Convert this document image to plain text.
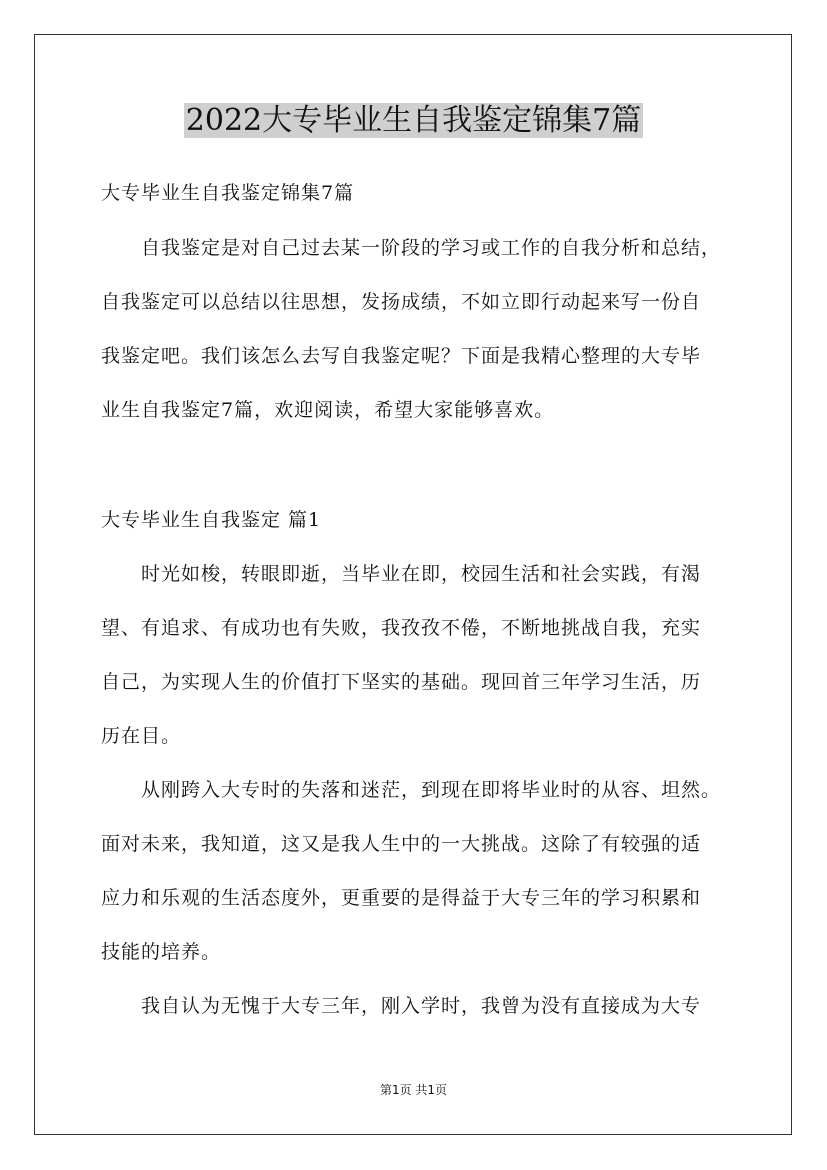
2022大专毕业生自我鉴定锦集7篇
大专毕业生自我鉴定锦集7篇
自我鉴定是对自己过去某一阶段的学习或工作的自我分析和总结，
自我鉴定可以总结以往思想，发扬成绩，不如立即行动起来写一份自
我鉴定吧。我们该怎么去写自我鉴定呢？下面是我精心整理的大专毕
业生自我鉴定7篇，欢迎阅读，希望大家能够喜欢。
大专毕业生自我鉴定 篇1
时光如梭，转眼即逝，当毕业在即，校园生活和社会实践，有渴
望、有追求、有成功也有失败，我孜孜不倦，不断地挑战自我，充实
自己，为实现人生的价值打下坚实的基础。现回首三年学习生活，历
历在目。
从刚跨入大专时的失落和迷茫，到现在即将毕业时的从容、坦然。
面对未来，我知道，这又是我人生中的一大挑战。这除了有较强的适
应力和乐观的生活态度外，更重要的是得益于大专三年的学习积累和
技能的培养。
我自认为无愧于大专三年，刚入学时，我曾为没有直接成为大专
第1页 共1页
